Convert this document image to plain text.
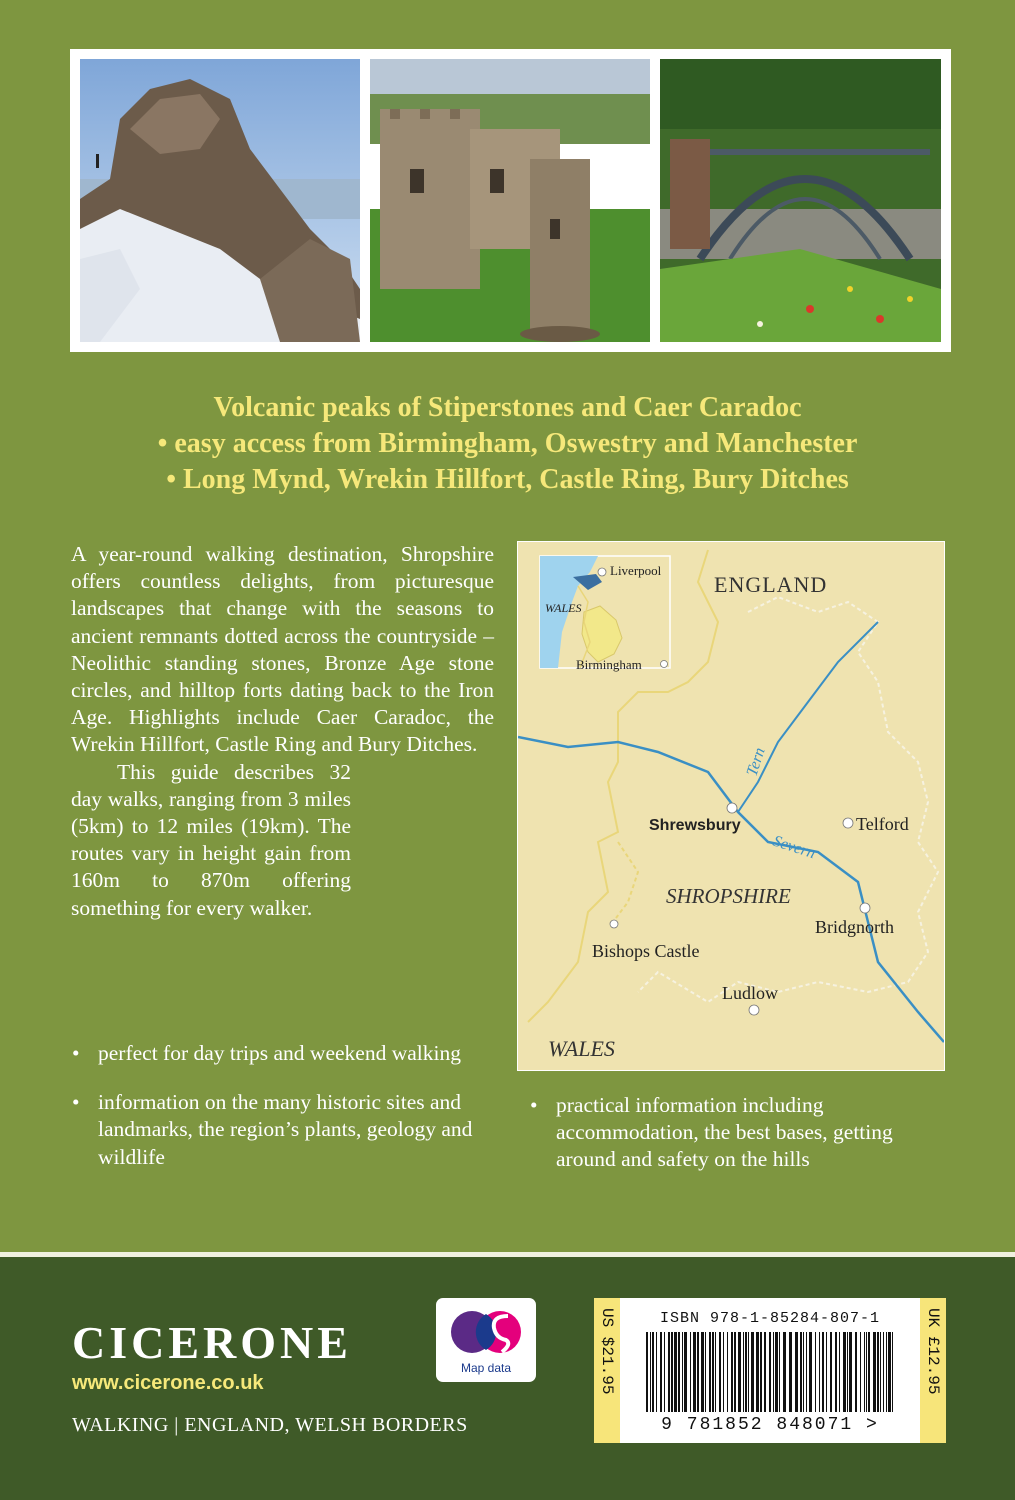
Volcanic peaks of Stiperstones and Caer Caradoc
• easy access from Birmingham, Oswestry and Manchester
• Long Mynd, Wrekin Hillfort, Castle Ring, Bury Ditches

A year-round walking destination, Shropshire offers countless delights, from picturesque landscapes that change with the seasons to ancient remnants dotted across the countryside – Neolithic standing stones, Bronze Age stone circles, and hilltop forts dating back to the Iron Age. Highlights include Caer Caradoc, the Wrekin Hillfort, Castle Ring and Bury Ditches.

This guide describes 32 day walks, ranging from 3 miles (5km) to 12 miles (19km). The routes vary in height gain from 160m to 870m offering something for every walker.

• perfect for day trips and weekend walking
• information on the many historic sites and landmarks, the region’s plants, geology and wildlife
• practical information including accommodation, the best bases, getting around and safety on the hills
Liverpool
WALES
Birmingham
ENGLAND
Shrewsbury	Telford
SHROPSHIRE
Bridgnorth
Bishops Castle
Ludlow
WALES
Tern
Severn
CICERONE
www.cicerone.co.uk
WALKING | ENGLAND, WELSH BORDERS
Map data	US $21.95	ISBN 978-1-85284-807-1
9 781852 848071 >
UK £12.95
